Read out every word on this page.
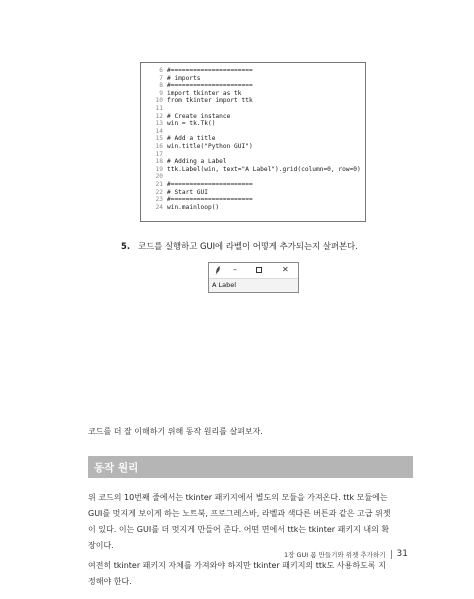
6 #======================
7 # imports
8 #======================
9 import tkinter as tk
10 from tkinter import ttk
11
12 # Create instance
13 win = tk.Tk()
14
15 # Add a title
16 win.title("Python GUI")
17
18 # Adding a Label
19 ttk.Label(win, text="A Label").grid(column=0, row=0)
20
21 #======================
22 # Start GUI
23 #======================
24 win.mainloop()
5. 코드를 실행하고 GUI에 라벨이 어떻게 추가되는지 살펴본다.
–	✕
A Label
코드를 더 잘 이해하기 위해 동작 원리를 살펴보자.
동작 원리
위 코드의 10번째 줄에서는 tkinter 패키지에서 별도의 모듈을 가져온다. ttk 모듈에는
GUI를 멋지게 보이게 하는 노트북, 프로그레스바, 라벨과 색다른 버튼과 같은 고급 위젯
이 있다. 이는 GUI를 더 멋지게 만들어 준다. 어떤 면에서 ttk는 tkinter 패키지 내의 확
장이다.
여전히 tkinter 패키지 자체를 가져와야 하지만 tkinter 패키지의 ttk도 사용하도록 지
정해야 한다.
1장 GUI 폼 만들기와 위젯 추가하기 31
